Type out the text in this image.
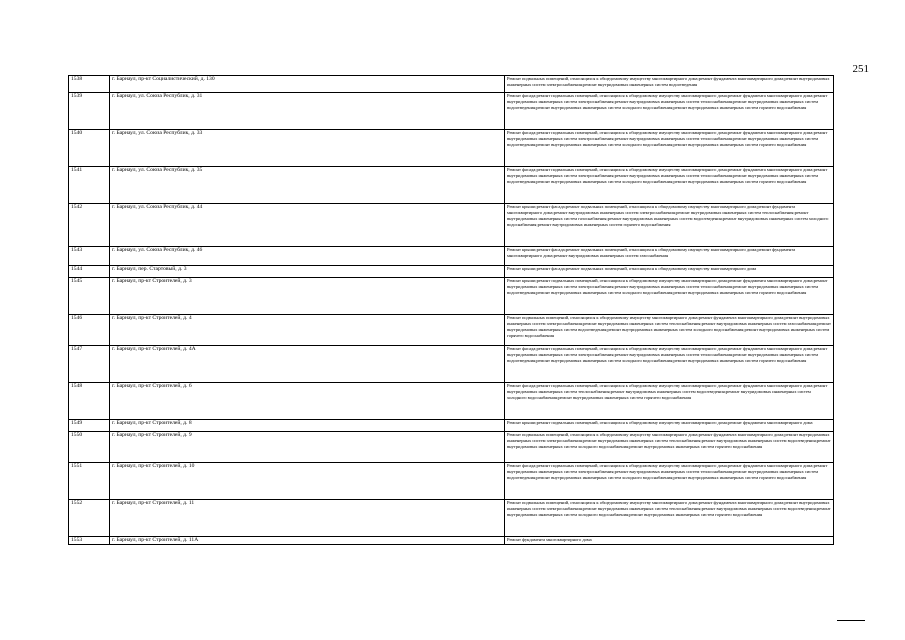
251
1538	г. Барнаул, пр-кт Социалистический, д. 130	Ремонт подвальных помещений, относящихся к общедомовому имуществу многоквартирного дома;ремонт фундамента многоквартирного дома;ремонт внутридомовых инженерных систем электроснабжения;ремонт внутридомовых инженерных систем водоотведения
1539	г. Барнаул, ул. Союза Республик, д. 31	Ремонт фасада;ремонт подвальных помещений, относящихся к общедомовому имуществу многоквартирного дома;ремонт фундамента многоквартирного дома;ремонт внутридомовых инженерных систем электроснабжения;ремонт внутридомовых инженерных систем теплоснабжения;ремонт внутридомовых инженерных систем водоотведения;ремонт внутридомовых инженерных систем холодного водоснабжения;ремонт внутридомовых инженерных систем горячего водоснабжения
1540	г. Барнаул, ул. Союза Республик, д. 33	Ремонт фасада;ремонт подвальных помещений, относящихся к общедомовому имуществу многоквартирного дома;ремонт фундамента многоквартирного дома;ремонт внутридомовых инженерных систем электроснабжения;ремонт внутридомовых инженерных систем теплоснабжения;ремонт внутридомовых инженерных систем водоотведения;ремонт внутридомовых инженерных систем холодного водоснабжения;ремонт внутридомовых инженерных систем горячего водоснабжения
1541	г. Барнаул, ул. Союза Республик, д. 35	Ремонт фасада;ремонт подвальных помещений, относящихся к общедомовому имуществу многоквартирного дома;ремонт фундамента многоквартирного дома;ремонт внутридомовых инженерных систем электроснабжения;ремонт внутридомовых инженерных систем теплоснабжения;ремонт внутридомовых инженерных систем водоотведения;ремонт внутридомовых инженерных систем холодного водоснабжения;ремонт внутридомовых инженерных систем горячего водоснабжения
1542	г. Барнаул, ул. Союза Республик, д. 44	Ремонт крыши;ремонт фасада;ремонт подвальных помещений, относящихся к общедомовому имуществу многоквартирного дома;ремонт фундамента многоквартирного дома;ремонт внутридомовых инженерных систем электроснабжения;ремонт внутридомовых инженерных систем теплоснабжения;ремонт внутридомовых инженерных систем газоснабжения;ремонт внутридомовых инженерных систем водоотведения;ремонт внутридомовых инженерных систем холодного водоснабжения;ремонт внутридомовых инженерных систем горячего водоснабжения
1543	г. Барнаул, ул. Союза Республик, д. 46	Ремонт крыши;ремонт фасада;ремонт подвальных помещений, относящихся к общедомовому имуществу многоквартирного дома;ремонт фундамента многоквартирного дома;ремонт внутридомовых инженерных систем газоснабжения
1544	г. Барнаул, пер. Стартовый, д. 3	Ремонт крыши;ремонт фасада;ремонт подвальных помещений, относящихся к общедомовому имуществу многоквартирного дома
1545	г. Барнаул, пр-кт Строителей, д. 3	Ремонт крыши;ремонт подвальных помещений, относящихся к общедомовому имуществу многоквартирного дома;ремонт фундамента многоквартирного дома;ремонт внутридомовых инженерных систем электроснабжения;ремонт внутридомовых инженерных систем теплоснабжения;ремонт внутридомовых инженерных систем водоотведения;ремонт внутридомовых инженерных систем холодного водоснабжения;ремонт внутридомовых инженерных систем горячего водоснабжения
1546	г. Барнаул, пр-кт Строителей, д. 4	Ремонт подвальных помещений, относящихся к общедомовому имуществу многоквартирного дома;ремонт фундамента многоквартирного дома;ремонт внутридомовых инженерных систем электроснабжения;ремонт внутридомовых инженерных систем теплоснабжения;ремонт внутридомовых инженерных систем газоснабжения;ремонт внутридомовых инженерных систем водоотведения;ремонт внутридомовых инженерных систем холодного водоснабжения;ремонт внутридомовых инженерных систем горячего водоснабжения
1547	г. Барнаул, пр-кт Строителей, д. 4А	Ремонт фасада;ремонт подвальных помещений, относящихся к общедомовому имуществу многоквартирного дома;ремонт фундамента многоквартирного дома;ремонт внутридомовых инженерных систем электроснабжения;ремонт внутридомовых инженерных систем теплоснабжения;ремонт внутридомовых инженерных систем водоотведения;ремонт внутридомовых инженерных систем холодного водоснабжения;ремонт внутридомовых инженерных систем горячего водоснабжения
1548	г. Барнаул, пр-кт Строителей, д. 6	Ремонт фасада;ремонт подвальных помещений, относящихся к общедомовому имуществу многоквартирного дома;ремонт фундамента многоквартирного дома;ремонт внутридомовых инженерных систем теплоснабжения;ремонт внутридомовых инженерных систем водоотведения;ремонт внутридомовых инженерных систем холодного водоснабжения;ремонт внутридомовых инженерных систем горячего водоснабжения
1549	г. Барнаул, пр-кт Строителей, д. 8	Ремонт крыши;ремонт подвальных помещений, относящихся к общедомовому имуществу многоквартирного дома;ремонт фундамента многоквартирного дома
1550	г. Барнаул, пр-кт Строителей, д. 9	Ремонт подвальных помещений, относящихся к общедомовому имуществу многоквартирного дома;ремонт фундамента многоквартирного дома;ремонт внутридомовых инженерных систем электроснабжения;ремонт внутридомовых инженерных систем теплоснабжения;ремонт внутридомовых инженерных систем водоотведения;ремонт внутридомовых инженерных систем холодного водоснабжения;ремонт внутридомовых инженерных систем горячего водоснабжения
1551	г. Барнаул, пр-кт Строителей, д. 10	Ремонт фасада;ремонт подвальных помещений, относящихся к общедомовому имуществу многоквартирного дома;ремонт фундамента многоквартирного дома;ремонт внутридомовых инженерных систем электроснабжения;ремонт внутридомовых инженерных систем теплоснабжения;ремонт внутридомовых инженерных систем водоотведения;ремонт внутридомовых инженерных систем холодного водоснабжения;ремонт внутридомовых инженерных систем горячего водоснабжения
1552	г. Барнаул, пр-кт Строителей, д. 11	Ремонт подвальных помещений, относящихся к общедомовому имуществу многоквартирного дома;ремонт фундамента многоквартирного дома;ремонт внутридомовых инженерных систем электроснабжения;ремонт внутридомовых инженерных систем теплоснабжения;ремонт внутридомовых инженерных систем водоотведения;ремонт внутридомовых инженерных систем холодного водоснабжения;ремонт внутридомовых инженерных систем горячего водоснабжения
1553	г. Барнаул, пр-кт Строителей, д. 11А	Ремонт фундамента многоквартирного дома
